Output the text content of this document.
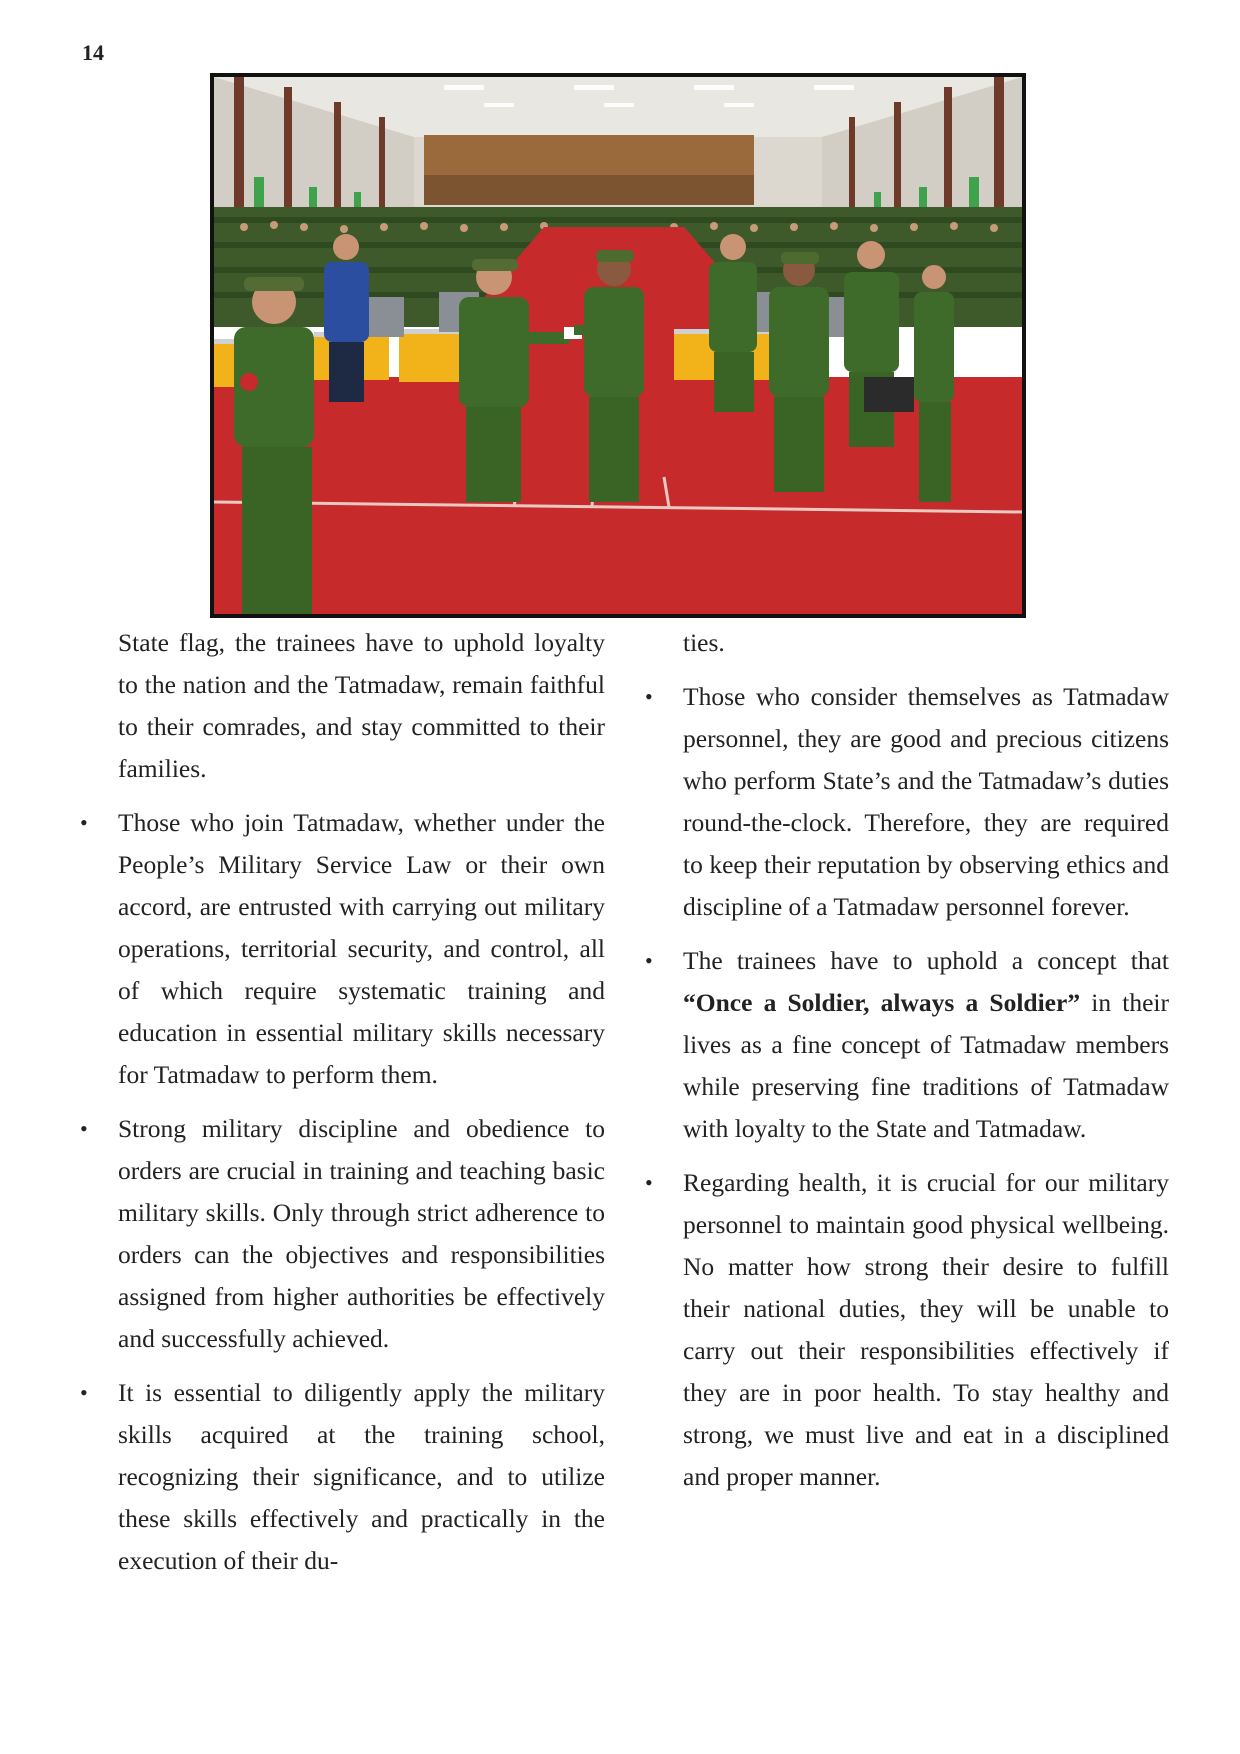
14

State flag, the trainees have to uphold loyalty to the nation and the Tatmadaw, remain faithful to their comrades, and stay committed to their families.

• Those who join Tatmadaw, whether under the People’s Military Service Law or their own accord, are entrusted with carrying out military operations, territorial security, and control, all of which require systematic training and education in essential military skills necessary for Tatmadaw to perform them.
• Strong military discipline and obedience to orders are crucial in training and teaching basic military skills. Only through strict adherence to orders can the objectives and responsibilities assigned from higher authorities be effectively and successfully achieved.
• It is essential to diligently apply the military skills acquired at the training school, recognizing their significance, and to utilize these skills effectively and practically in the execution of their du-

ties.

• Those who consider themselves as Tatmadaw personnel, they are good and precious citizens who perform State’s and the Tatmadaw’s duties round-the-clock. Therefore, they are required to keep their reputation by observing ethics and discipline of a Tatmadaw personnel forever.
• The trainees have to uphold a concept that “Once a Soldier, always a Soldier” in their lives as a fine concept of Tatmadaw members while preserving fine traditions of Tatmadaw with loyalty to the State and Tatmadaw.
• Regarding health, it is crucial for our military personnel to maintain good physical wellbeing. No matter how strong their desire to fulfill their national duties, they will be unable to carry out their responsibilities effectively if they are in poor health. To stay healthy and strong, we must live and eat in a disciplined and proper manner.
